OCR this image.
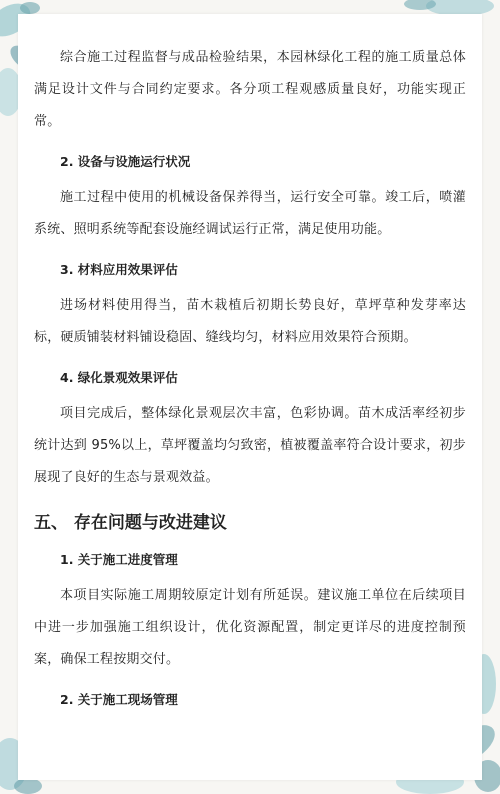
综合施工过程监督与成品检验结果，本园林绿化工程的施工质量总体满足设计文件与合同约定要求。各分项工程观感质量良好，功能实现正常。

2. 设备与设施运行状况

施工过程中使用的机械设备保养得当，运行安全可靠。竣工后，喷灌系统、照明系统等配套设施经调试运行正常，满足使用功能。

3. 材料应用效果评估

进场材料使用得当，苗木栽植后初期长势良好，草坪草种发芽率达标，硬质铺装材料铺设稳固、缝线均匀，材料应用效果符合预期。

4. 绿化景观效果评估

项目完成后，整体绿化景观层次丰富，色彩协调。苗木成活率经初步统计达到 95%以上，草坪覆盖均匀致密，植被覆盖率符合设计要求，初步展现了良好的生态与景观效益。

五、 存在问题与改进建议
1. 关于施工进度管理

本项目实际施工周期较原定计划有所延误。建议施工单位在后续项目中进一步加强施工组织设计，优化资源配置，制定更详尽的进度控制预案，确保工程按期交付。

2. 关于施工现场管理
